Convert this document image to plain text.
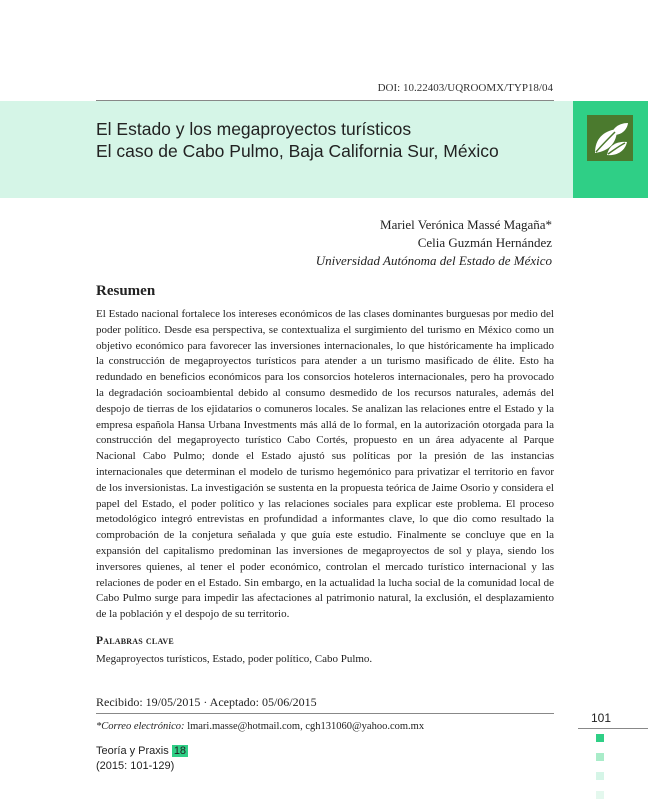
DOI: 10.22403/UQROOMX/TYP18/04
El Estado y los megaproyectos turísticos
El caso de Cabo Pulmo, Baja California Sur, México
Mariel Verónica Massé Magaña*
Celia Guzmán Hernández
Universidad Autónoma del Estado de México
Resumen

El Estado nacional fortalece los intereses económicos de las clases dominantes burguesas por medio del poder político. Desde esa perspectiva, se contextualiza el surgimiento del turismo en México como un objetivo económico para favorecer las inversiones internacionales, lo que históricamente ha implicado la construcción de megaproyectos turísticos para atender a un turismo masificado de élite. Esto ha redundado en beneficios económicos para los consorcios hoteleros internacionales, pero ha provocado la degradación socioambiental debido al consumo desmedido de los recursos naturales, además del despojo de tierras de los ejidatarios o comuneros locales. Se analizan las relaciones entre el Estado y la empresa española Hansa Urbana Investments más allá de lo formal, en la autorización otorgada para la construcción del megaproyecto turístico Cabo Cortés, propuesto en un área adyacente al Parque Nacional Cabo Pulmo; donde el Estado ajustó sus políticas por la presión de las instancias internacionales que determinan el modelo de turismo hegemónico para privatizar el territorio en favor de los inversionistas. La investigación se sustenta en la propuesta teórica de Jaime Osorio y considera el papel del Estado, el poder político y las relaciones sociales para explicar este problema. El proceso metodológico integró entrevistas en profundidad a informantes clave, lo que dio como resultado la comprobación de la conjetura señalada y que guía este estudio. Finalmente se concluye que en la expansión del capitalismo predominan las inversiones de megaproyectos de sol y playa, siendo los inversores quienes, al tener el poder económico, controlan el mercado turístico internacional y las relaciones de poder en el Estado. Sin embargo, en la actualidad la lucha social de la comunidad local de Cabo Pulmo surge para impedir las afectaciones al patrimonio natural, la exclusión, el desplazamiento de la población y el despojo de su territorio.

Palabras clave
Megaproyectos turísticos, Estado, poder político, Cabo Pulmo.
Recibido: 19/05/2015 · Aceptado: 05/06/2015
*Correo electrónico: lmari.masse@hotmail.com, cgh131060@yahoo.com.mx
Teoría y Praxis 18
(2015: 101-129)
101
